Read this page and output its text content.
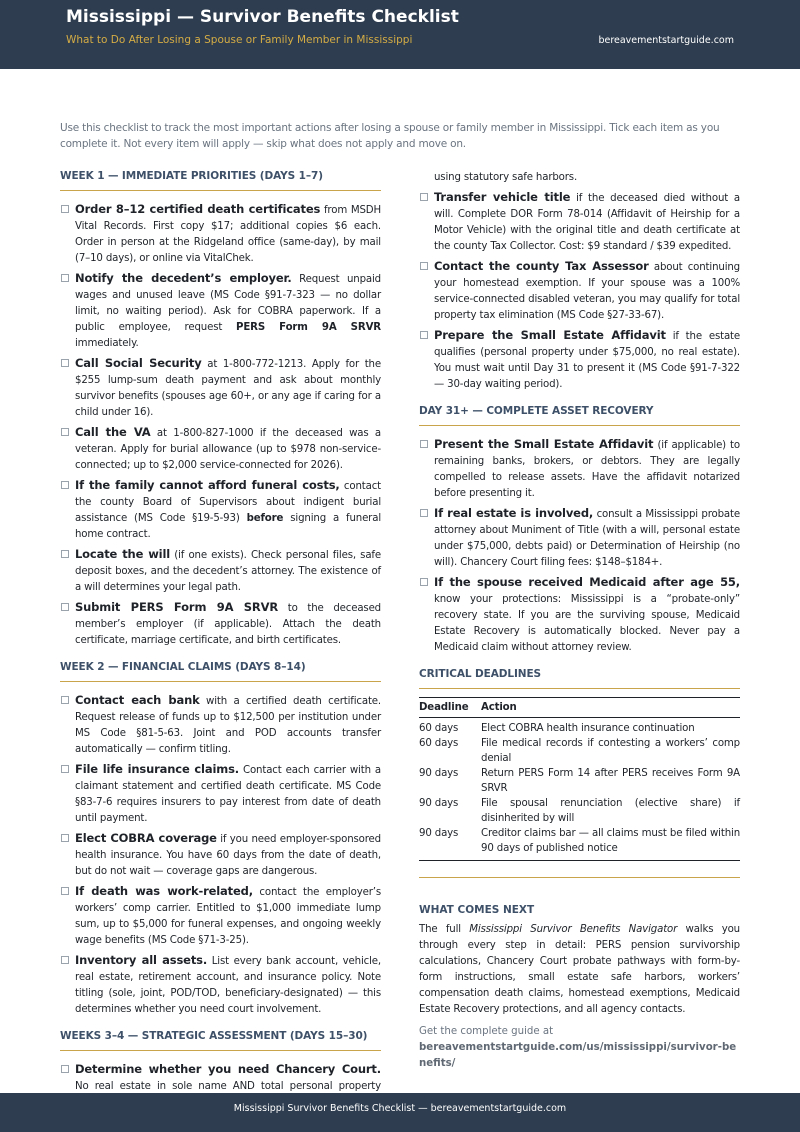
Mississippi — Survivor Benefits Checklist
What to Do After Losing a Spouse or Family Member in Mississippi	bereavementstartguide.com
Use this checklist to track the most important actions after losing a spouse or family member in Mississippi. Tick each item as you complete it. Not every item will apply — skip what does not apply and move on.
WEEK 1 — IMMEDIATE PRIORITIES (DAYS 1–7)
Order 8–12 certified death certificates from MSDH Vital Records. First copy $17; additional copies $6 each. Order in person at the Ridgeland office (same-day), by mail (7–10 days), or online via VitalChek.
Notify the decedent’s employer. Request unpaid wages and unused leave (MS Code §91-7-323 — no dollar limit, no waiting period). Ask for COBRA paperwork. If a public employee, request PERS Form 9A SRVR immediately.
Call Social Security at 1-800-772-1213. Apply for the $255 lump-sum death payment and ask about monthly survivor benefits (spouses age 60+, or any age if caring for a child under 16).
Call the VA at 1-800-827-1000 if the deceased was a veteran. Apply for burial allowance (up to $978 non-service-connected; up to $2,000 service-connected for 2026).
If the family cannot afford funeral costs, contact the county Board of Supervisors about indigent burial assistance (MS Code §19-5-93) before signing a funeral home contract.
Locate the will (if one exists). Check personal files, safe deposit boxes, and the decedent’s attorney. The existence of a will determines your legal path.
Submit PERS Form 9A SRVR to the deceased member’s employer (if applicable). Attach the death certificate, marriage certificate, and birth certificates.
WEEK 2 — FINANCIAL CLAIMS (DAYS 8–14)
Contact each bank with a certified death certificate. Request release of funds up to $12,500 per institution under MS Code §81-5-63. Joint and POD accounts transfer automatically — confirm titling.
File life insurance claims. Contact each carrier with a claimant statement and certified death certificate. MS Code §83-7-6 requires insurers to pay interest from date of death until payment.
Elect COBRA coverage if you need employer-sponsored health insurance. You have 60 days from the date of death, but do not wait — coverage gaps are dangerous.
If death was work-related, contact the employer’s workers’ comp carrier. Entitled to $1,000 immediate lump sum, up to $5,000 for funeral expenses, and ongoing weekly wage benefits (MS Code §71-3-25).
Inventory all assets. List every bank account, vehicle, real estate, retirement account, and insurance policy. Note titling (sole, joint, POD/TOD, beneficiary-designated) — this determines whether you need court involvement.
WEEKS 3–4 — STRATEGIC ASSESSMENT (DAYS 15–30)
Determine whether you need Chancery Court. No real estate in sole name AND total personal property
using statutory safe harbors.
Transfer vehicle title if the deceased died without a will. Complete DOR Form 78-014 (Affidavit of Heirship for a Motor Vehicle) with the original title and death certificate at the county Tax Collector. Cost: $9 standard / $39 expedited.
Contact the county Tax Assessor about continuing your homestead exemption. If your spouse was a 100% service-connected disabled veteran, you may qualify for total property tax elimination (MS Code §27-33-67).
Prepare the Small Estate Affidavit if the estate qualifies (personal property under $75,000, no real estate). You must wait until Day 31 to present it (MS Code §91-7-322 — 30-day waiting period).
DAY 31+ — COMPLETE ASSET RECOVERY
Present the Small Estate Affidavit (if applicable) to remaining banks, brokers, or debtors. They are legally compelled to release assets. Have the affidavit notarized before presenting it.
If real estate is involved, consult a Mississippi probate attorney about Muniment of Title (with a will, personal estate under $75,000, debts paid) or Determination of Heirship (no will). Chancery Court filing fees: $148–$184+.
If the spouse received Medicaid after age 55, know your protections: Mississippi is a “probate-only” recovery state. If you are the surviving spouse, Medicaid Estate Recovery is automatically blocked. Never pay a Medicaid claim without attorney review.
CRITICAL DEADLINES
Deadline	Action
60 days	Elect COBRA health insurance continuation
60 days	File medical records if contesting a workers’ comp denial
90 days	Return PERS Form 14 after PERS receives Form 9A SRVR
90 days	File spousal renunciation (elective share) if disinherited by will
90 days	Creditor claims bar — all claims must be filed within 90 days of published notice
WHAT COMES NEXT
The full Mississippi Survivor Benefits Navigator walks you through every step in detail: PERS pension survivorship calculations, Chancery Court probate pathways with form-by-form instructions, small estate safe harbors, workers’ compensation death claims, homestead exemptions, Medicaid Estate Recovery protections, and all agency contacts.
Get the complete guide at
bereavementstartguide.com/us/mississippi/survivor-benefits/
Mississippi Survivor Benefits Checklist — bereavementstartguide.com
